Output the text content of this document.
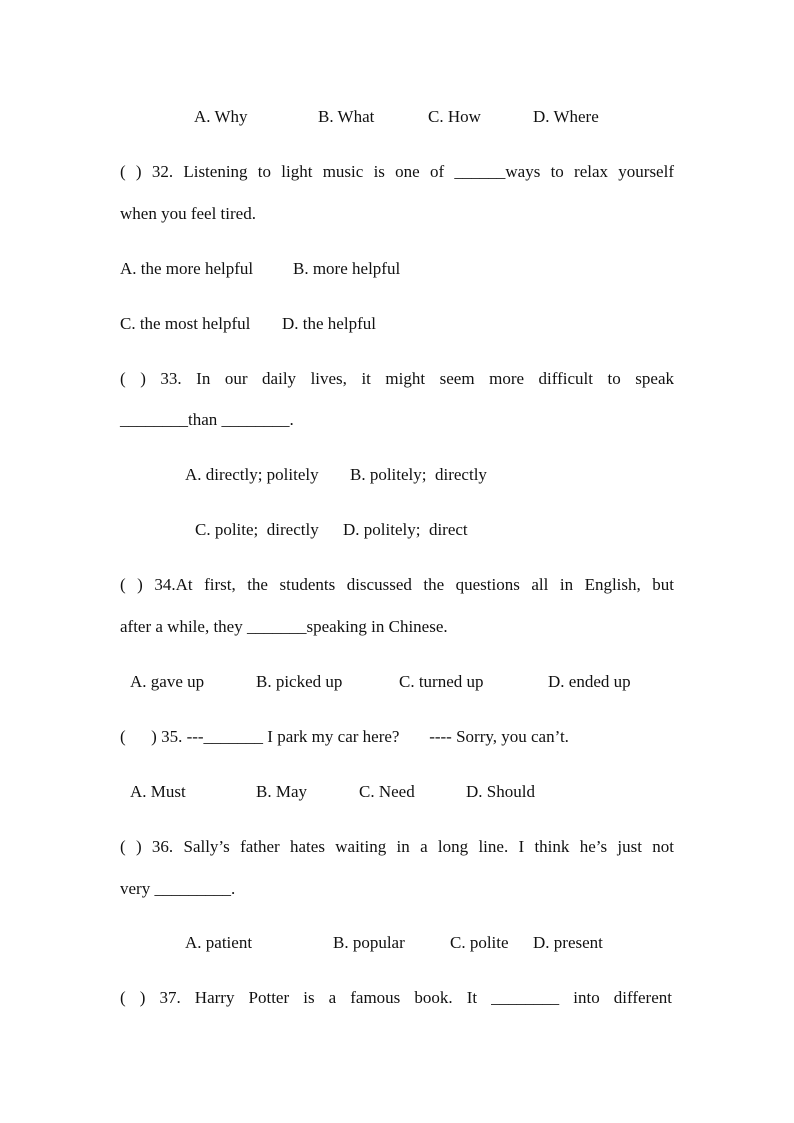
A. Why	B. What	C. How	D. Where
( ) 32. Listening to light music is one of ______ways to relax yourself
when you feel tired.
A. the more helpful B. more helpful
C. the most helpful D. the helpful
( ) 33. In our daily lives, it might seem more difficult to speak
________than ________.
A. directly; politely B. politely;  directly
C. polite;  directly D. politely;  direct
( ) 34.At first, the students discussed the questions all in English, but
after a while, they _______speaking in Chinese.
A. gave up	B. picked up	C. turned up	D. ended up
(      ) 35. ---_______ I park my car here?       ---- Sorry, you can’t.
A. Must	B. May	C. Need	D. Should
( ) 36. Sally’s father hates waiting in a long line. I think he’s just not
very _________.
A. patient	B. popular	C. polite D. present
( ) 37. Harry Potter is a famous book. It ________ into different
